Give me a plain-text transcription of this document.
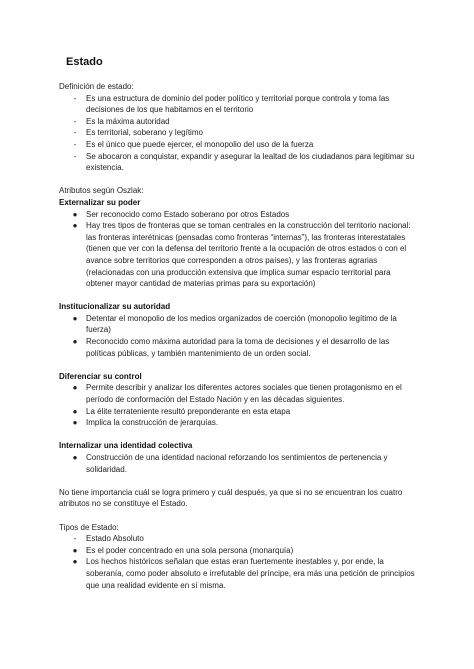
Estado

Definición de estado:

-	Es una estructura de dominio del poder político y territorial porque controla y toma las decisiones de los que habitamos en el territorio
-	Es la máxima autoridad
-	Es territorial, soberano y legítimo
-	Es el único que puede ejercer, el monopolio del uso de la fuerza
-	Se abocaron a conquistar, expandir y asegurar la lealtad de los ciudadanos para legitimar su existencia.

Atributos según Oszlak:

Externalizar su poder

●	Ser reconocido como Estado soberano por otros Estados
●	Hay tres tipos de fronteras que se toman centrales en la construcción del territorio nacional: las fronteras interétnicas (pensadas como fronteras “internas”), las fronteras interestatales (tienen que ver con la defensa del territorio frente a la ocupación de otros estados o con el avance sobre territorios que corresponden a otros países), y las fronteras agrarias (relacionadas con una producción extensiva que implica sumar espacio territorial para obtener mayor cantidad de materias primas para su exportación)

Institucionalizar su autoridad

●	Detentar el monopolio de los medios organizados de coerción (monopolio legítimo de la fuerza)
●	Reconocido como máxima autoridad para la toma de decisiones y el desarrollo de las políticas públicas, y también mantenimiento de un orden social.

Diferenciar su control

●	Permite describir y analizar los diferentes actores sociales que tienen protagonismo en el período de conformación del Estado Nación y en las décadas siguientes.
●	La élite terrateniente resultó preponderante en esta etapa
●	Implica la construcción de jerarquías.

Internalizar una identidad colectiva

●	Construcción de una identidad nacional reforzando los sentimientos de pertenencia y solidaridad.

No tiene importancia cuál se logra primero y cuál después, ya que si no se encuentran los cuatro atributos no se constituye el Estado.

Tipos de Estado:

-	Estado Absoluto
●	Es el poder concentrado en una sola persona (monarquía)
●	Los hechos históricos señalan que estas eran fuertemente inestables y, por ende, la soberanía, como poder absoluto e irrefutable del príncipe, era más una petición de principios que una realidad evidente en sí misma.
